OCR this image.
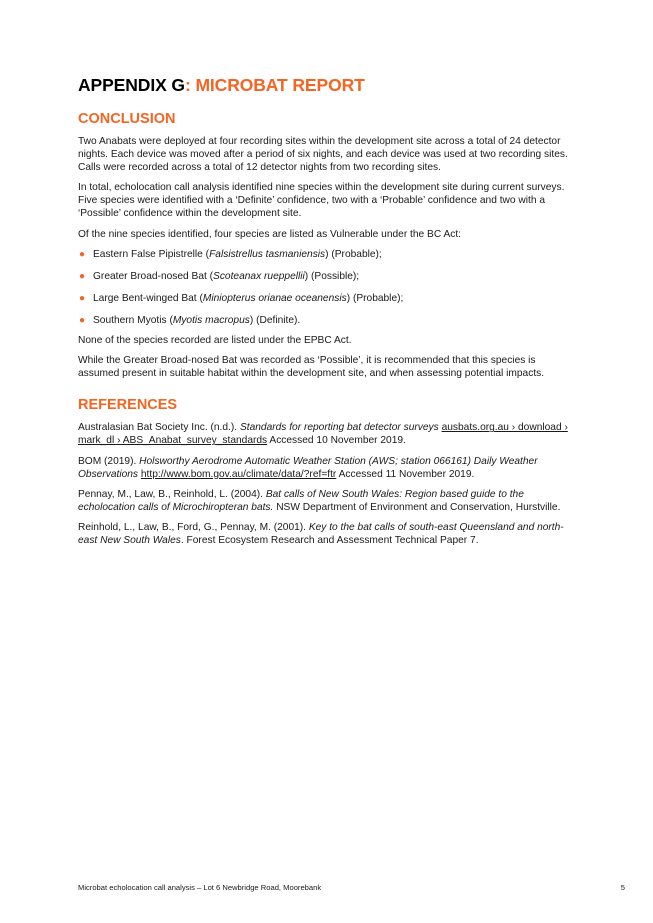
APPENDIX G: MICROBAT REPORT
CONCLUSION

Two Anabats were deployed at four recording sites within the development site across a total of 24 detector nights. Each device was moved after a period of six nights, and each device was used at two recording sites. Calls were recorded across a total of 12 detector nights from two recording sites.

In total, echolocation call analysis identified nine species within the development site during current surveys. Five species were identified with a ‘Definite’ confidence, two with a ‘Probable’ confidence and two with a ‘Possible’ confidence within the development site.

Of the nine species identified, four species are listed as Vulnerable under the BC Act:

● Eastern False Pipistrelle (Falsistrellus tasmaniensis) (Probable);
● Greater Broad-nosed Bat (Scoteanax rueppellii) (Possible);
● Large Bent-winged Bat (Miniopterus orianae oceanensis) (Probable);
● Southern Myotis (Myotis macropus) (Definite).

None of the species recorded are listed under the EPBC Act.

While the Greater Broad-nosed Bat was recorded as ‘Possible’, it is recommended that this species is assumed present in suitable habitat within the development site, and when assessing potential impacts.

REFERENCES

Australasian Bat Society Inc. (n.d.). Standards for reporting bat detector surveys ausbats.org.au › download › mark_dl › ABS_Anabat_survey_standards Accessed 10 November 2019.

BOM (2019). Holsworthy Aerodrome Automatic Weather Station (AWS; station 066161) Daily Weather Observations http://www.bom.gov.au/climate/data/?ref=ftr Accessed 11 November 2019.

Pennay, M., Law, B., Reinhold, L. (2004). Bat calls of New South Wales: Region based guide to the echolocation calls of Microchiropteran bats. NSW Department of Environment and Conservation, Hurstville.

Reinhold, L., Law, B., Ford, G., Pennay, M. (2001). Key to the bat calls of south-east Queensland and north-east New South Wales. Forest Ecosystem Research and Assessment Technical Paper 7.

Microbat echolocation call analysis – Lot 6 Newbridge Road, Moorebank	5
